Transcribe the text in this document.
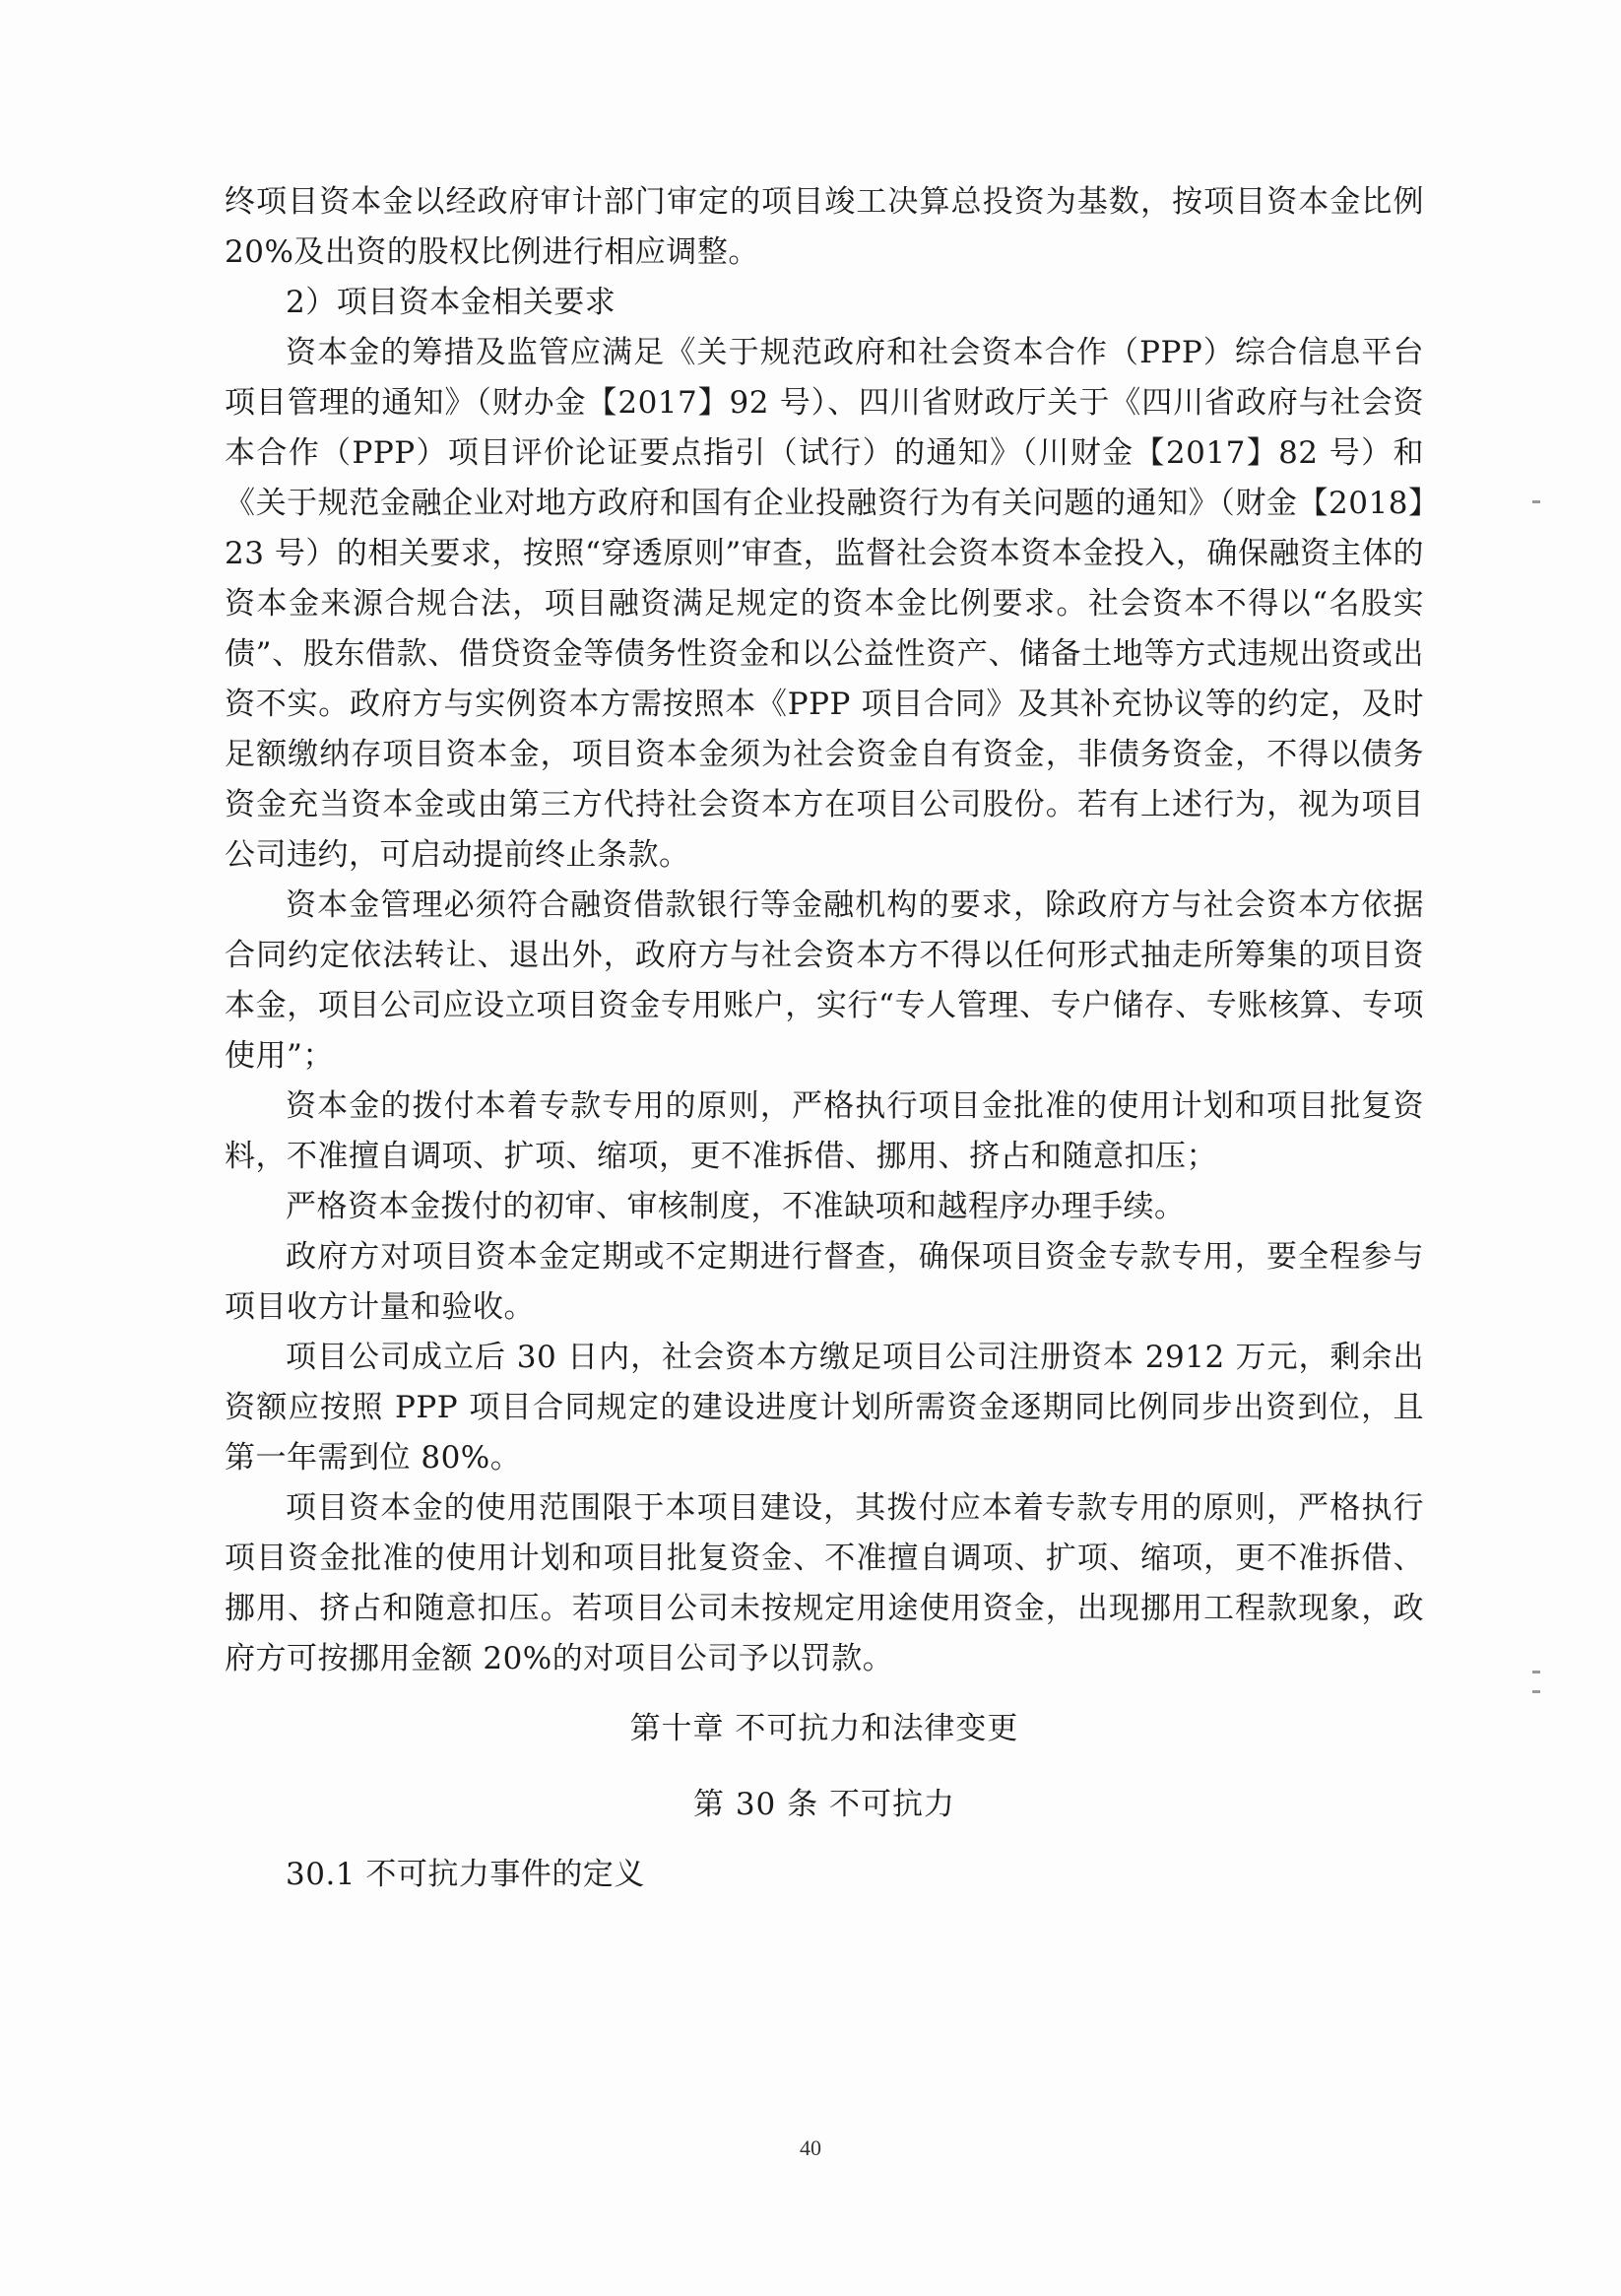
终项目资本金以经政府审计部门审定的项目竣工决算总投资为基数，按项目资本金比例20%及出资的股权比例进行相应调整。

2）项目资本金相关要求

资本金的筹措及监管应满足《关于规范政府和社会资本合作（PPP）综合信息平台项目管理的通知》（财办金【2017】92 号）、四川省财政厅关于《四川省政府与社会资本合作（PPP）项目评价论证要点指引（试行）的通知》（川财金【2017】82 号）和《关于规范金融企业对地方政府和国有企业投融资行为有关问题的通知》（财金【2018】23 号）的相关要求，按照“穿透原则”审查，监督社会资本资本金投入，确保融资主体的资本金来源合规合法，项目融资满足规定的资本金比例要求。社会资本不得以“名股实债”、股东借款、借贷资金等债务性资金和以公益性资产、储备土地等方式违规出资或出资不实。政府方与实例资本方需按照本《PPP 项目合同》及其补充协议等的约定，及时足额缴纳存项目资本金，项目资本金须为社会资金自有资金，非债务资金，不得以债务资金充当资本金或由第三方代持社会资本方在项目公司股份。若有上述行为，视为项目公司违约，可启动提前终止条款。

资本金管理必须符合融资借款银行等金融机构的要求，除政府方与社会资本方依据合同约定依法转让、退出外，政府方与社会资本方不得以任何形式抽走所筹集的项目资本金，项目公司应设立项目资金专用账户，实行“专人管理、专户储存、专账核算、专项使用”；

资本金的拨付本着专款专用的原则，严格执行项目金批准的使用计划和项目批复资料，不准擅自调项、扩项、缩项，更不准拆借、挪用、挤占和随意扣压；

严格资本金拨付的初审、审核制度，不准缺项和越程序办理手续。

政府方对项目资本金定期或不定期进行督查，确保项目资金专款专用，要全程参与项目收方计量和验收。

项目公司成立后 30 日内，社会资本方缴足项目公司注册资本 2912 万元，剩余出资额应按照 PPP 项目合同规定的建设进度计划所需资金逐期同比例同步出资到位，且第一年需到位 80%。

项目资本金的使用范围限于本项目建设，其拨付应本着专款专用的原则，严格执行项目资金批准的使用计划和项目批复资金、不准擅自调项、扩项、缩项，更不准拆借、挪用、挤占和随意扣压。若项目公司未按规定用途使用资金，出现挪用工程款现象，政府方可按挪用金额 20%的对项目公司予以罚款。

第十章 不可抗力和法律变更

第 30 条 不可抗力

30.1 不可抗力事件的定义

40
